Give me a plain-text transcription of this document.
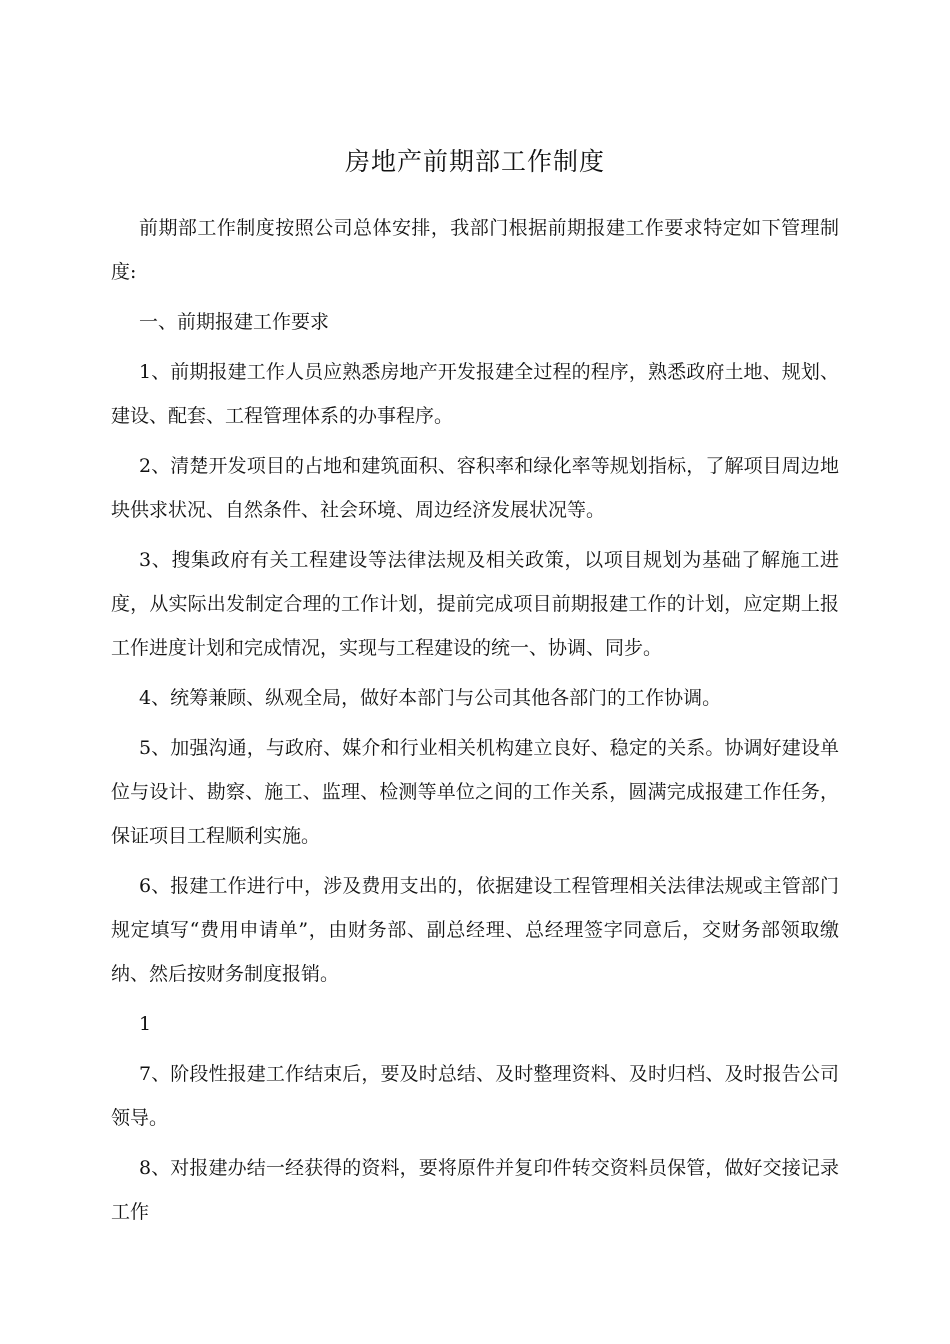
房地产前期部工作制度

前期部工作制度按照公司总体安排，我部门根据前期报建工作要求特定如下管理制度:

一、前期报建工作要求

1、前期报建工作人员应熟悉房地产开发报建全过程的程序，熟悉政府土地、规划、建设、配套、工程管理体系的办事程序。

2、清楚开发项目的占地和建筑面积、容积率和绿化率等规划指标，了解项目周边地块供求状况、自然条件、社会环境、周边经济发展状况等。

3、搜集政府有关工程建设等法律法规及相关政策，以项目规划为基础了解施工进度，从实际出发制定合理的工作计划，提前完成项目前期报建工作的计划，应定期上报工作进度计划和完成情况，实现与工程建设的统一、协调、同步。

4、统筹兼顾、纵观全局，做好本部门与公司其他各部门的工作协调。

5、加强沟通，与政府、媒介和行业相关机构建立良好、稳定的关系。协调好建设单位与设计、勘察、施工、监理、检测等单位之间的工作关系，圆满完成报建工作任务，保证项目工程顺利实施。

6、报建工作进行中，涉及费用支出的，依据建设工程管理相关法律法规或主管部门规定填写“费用申请单”，由财务部、副总经理、总经理签字同意后，交财务部领取缴纳、然后按财务制度报销。

1

7、阶段性报建工作结束后，要及时总结、及时整理资料、及时归档、及时报告公司领导。

8、对报建办结一经获得的资料，要将原件并复印件转交资料员保管，做好交接记录工作
